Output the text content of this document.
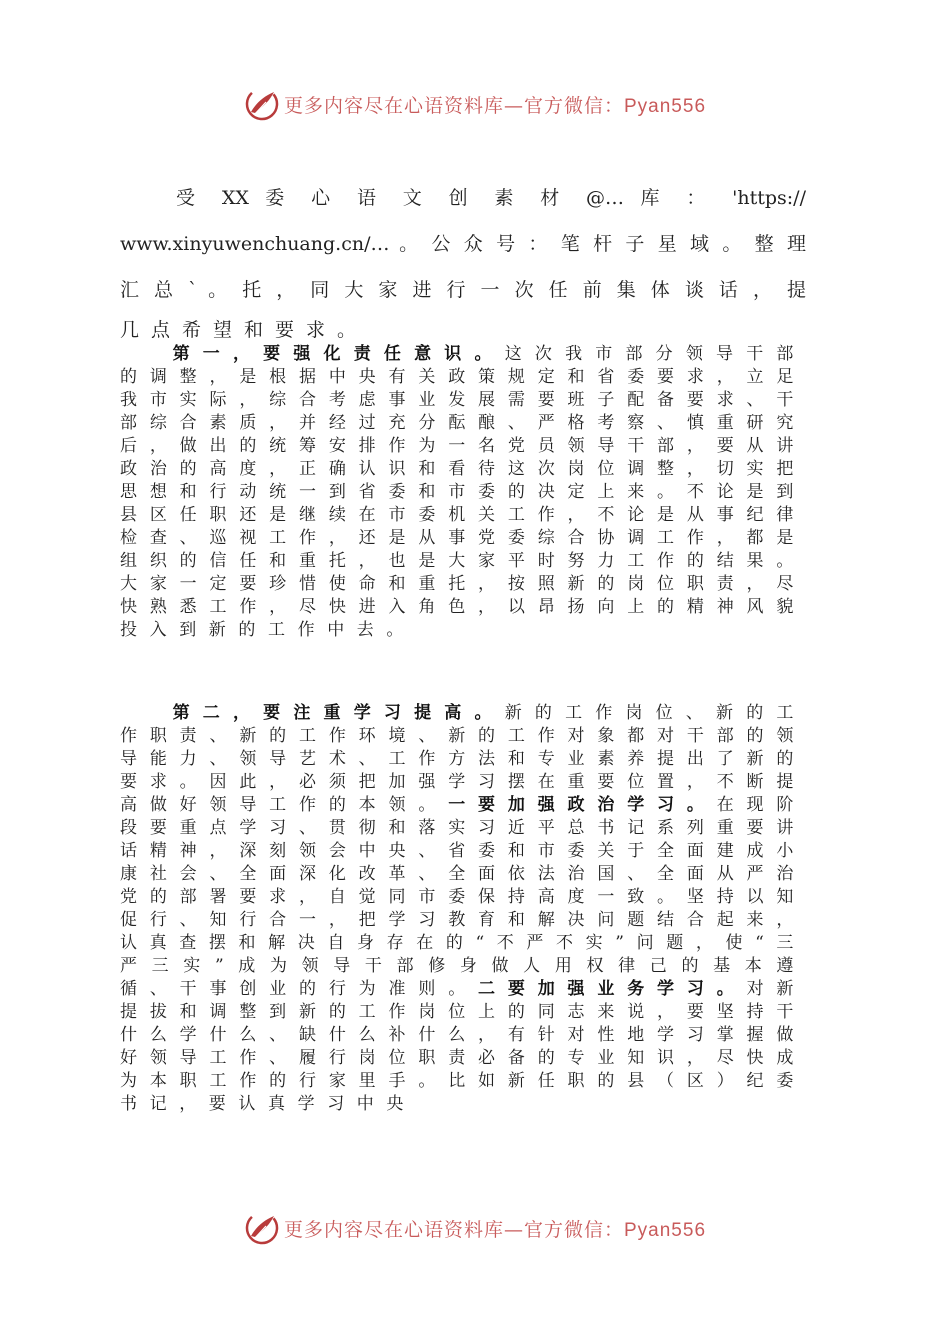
更多内容尽在心语资料库—官方微信：Pyan556
受 XX 委 心 语 文 创 素 材 @… 库 ： 'https://
www.xinyuwenchuang.cn/… 。 公 众 号 ： 笔 杆 子 星 域 。 整 理
汇 总 ` 。 托 ， 同 大 家 进 行 一 次 任 前 集 体 谈 话 ， 提
几点希望和要求。
第一，要强化责任意识。这次我市部分领导干部的调整，是根据中央有关政策规定和省委要求，立足我市实际，综合考虑事业发展需要班子配备要求、干部综合素质，并经过充分酝酿、严格考察、慎重研究后，做出的统筹安排作为一名党员领导干部，要从讲政治的高度，正确认识和看待这次岗位调整，切实把思想和行动统一到省委和市委的决定上来。不论是到县区任职还是继续在市委机关工作，不论是从事纪律检查、巡视工作，还是从事党委综合协调工作，都是组织的信任和重托，也是大家平时努力工作的结果。大家一定要珍惜使命和重托，按照新的岗位职责，尽快熟悉工作，尽快进入角色，以昂扬向上的精神风貌投入到新的工作中去。
第二，要注重学习提高。新的工作岗位、新的工作职责、新的工作环境、新的工作对象都对干部的领导能力、领导艺术、工作方法和专业素养提出了新的要求。因此，必须把加强学习摆在重要位置，不断提高做好领导工作的本领。一要加强政治学习。在现阶段要重点学习、贯彻和落实习近平总书记系列重要讲话精神，深刻领会中央、省委和市委关于全面建成小康社会、全面深化改革、全面依法治国、全面从严治党的部署要求，自觉同市委保持高度一致。坚持以知促行、知行合一，把学习教育和解决问题结合起来，认真查摆和解决自身存在的“不严不实”问题，使“三严三实”成为领导干部修身做人用权律己的基本遵循、干事创业的行为准则。二要加强业务学习。对新提拔和调整到新的工作岗位上的同志来说，要坚持干什么学什么、缺什么补什么，有针对性地学习掌握做好领导工作、履行岗位职责必备的专业知识，尽快成为本职工作的行家里手。比如新任职的县（区）纪委书记，要认真学习中央
更多内容尽在心语资料库—官方微信：Pyan556
